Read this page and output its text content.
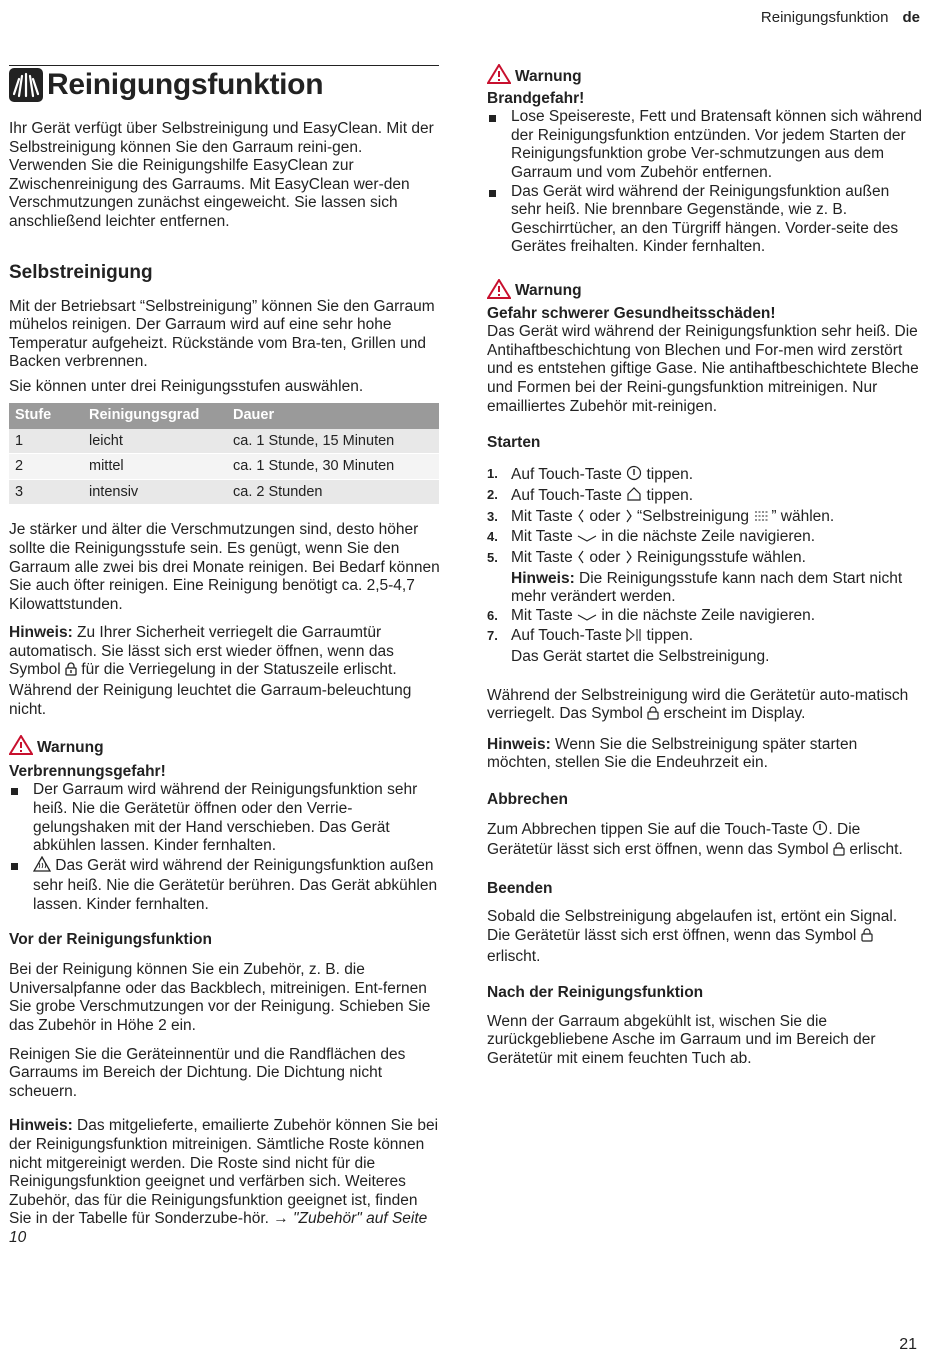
Reinigungsfunktion de
Reinigungsfunktion

Ihr Gerät verfügt über Selbstreinigung und EasyClean. Mit der Selbstreinigung können Sie den Garraum reini-gen. Verwenden Sie die Reinigungshilfe EasyClean zur Zwischenreinigung des Garraums. Mit EasyClean wer-den Verschmutzungen zunächst eingeweicht. Sie lassen sich anschließend leichter entfernen.

Selbstreinigung

Mit der Betriebsart “Selbstreinigung” können Sie den Garraum mühelos reinigen. Der Garraum wird auf eine sehr hohe Temperatur aufgeheizt. Rückstände vom Bra-ten, Grillen und Backen verbrennen.

Sie können unter drei Reinigungsstufen auswählen.

Stufe	Reinigungsgrad	Dauer
1	leicht	ca. 1 Stunde, 15 Minuten
2	mittel	ca. 1 Stunde, 30 Minuten
3	intensiv	ca. 2 Stunden

Je stärker und älter die Verschmutzungen sind, desto höher sollte die Reinigungsstufe sein. Es genügt, wenn Sie den Garraum alle zwei bis drei Monate reinigen. Bei Bedarf können Sie auch öfter reinigen. Eine Reinigung benötigt ca. 2,5-4,7 Kilowattstunden.

Hinweis: Zu Ihrer Sicherheit verriegelt die Garraumtür automatisch. Sie lässt sich erst wieder öffnen, wenn das Symbol  für die Verriegelung in der Statuszeile erlischt. Während der Reinigung leuchtet die Garraum-beleuchtung nicht.

Warnung

Verbrennungsgefahr!

Der Garraum wird während der Reinigungsfunktion sehr heiß. Nie die Gerätetür öffnen oder den Verrie-gelungshaken mit der Hand verschieben. Das Gerät abkühlen lassen. Kinder fernhalten.
Das Gerät wird während der Reinigungsfunktion außen sehr heiß. Nie die Gerätetür berühren. Das Gerät abkühlen lassen. Kinder fernhalten.
Vor der Reinigungsfunktion

Bei der Reinigung können Sie ein Zubehör, z. B. die Universalpfanne oder das Backblech, mitreinigen. Ent-fernen Sie grobe Verschmutzungen vor der Reinigung. Schieben Sie das Zubehör in Höhe 2 ein.

Reinigen Sie die Geräteinnentür und die Randflächen des Garraums im Bereich der Dichtung. Die Dichtung nicht scheuern.

Hinweis: Das mitgelieferte, emailierte Zubehör können Sie bei der Reinigungsfunktion mitreinigen. Sämtliche Roste können nicht mitgereinigt werden. Die Roste sind nicht für die Reinigungsfunktion geeignet und verfärben sich. Weiteres Zubehör, das für die Reinigungsfunktion geeignet ist, finden Sie in der Tabelle für Sonderzube-hör. → "Zubehör" auf Seite 10

Warnung

Brandgefahr!

Lose Speisereste, Fett und Bratensaft können sich während der Reinigungsfunktion entzünden. Vor jedem Starten der Reinigungsfunktion grobe Ver-schmutzungen aus dem Garraum und vom Zubehör entfernen.
Das Gerät wird während der Reinigungsfunktion außen sehr heiß. Nie brennbare Gegenstände, wie z. B. Geschirrtücher, an den Türgriff hängen. Vorder-seite des Gerätes freihalten. Kinder fernhalten.
Warnung

Gefahr schwerer Gesundheitsschäden!

Das Gerät wird während der Reinigungsfunktion sehr heiß. Die Antihaftbeschichtung von Blechen und For-men wird zerstört und es entstehen giftige Gase. Nie antihaftbeschichtete Bleche und Formen bei der Reini-gungsfunktion mitreinigen. Nur emailliertes Zubehör mit-reinigen.

Starten
1. Auf Touch-Taste  tippen.
2. Auf Touch-Taste  tippen.
3. Mit Taste  oder  “Selbstreinigung ” wählen.
4. Mit Taste  in die nächste Zeile navigieren.
5. Mit Taste  oder  Reinigungsstufe wählen.
Hinweis: Die Reinigungsstufe kann nach dem Start nicht mehr verändert werden.
6. Mit Taste  in die nächste Zeile navigieren.
7. Auf Touch-Taste  tippen.
Das Gerät startet die Selbstreinigung.

Während der Selbstreinigung wird die Gerätetür auto-matisch verriegelt. Das Symbol  erscheint im Display.

Hinweis: Wenn Sie die Selbstreinigung später starten möchten, stellen Sie die Endeuhrzeit ein.

Abbrechen

Zum Abbrechen tippen Sie auf die Touch-Taste . Die Gerätetür lässt sich erst öffnen, wenn das Symbol  erlischt.

Beenden

Sobald die Selbstreinigung abgelaufen ist, ertönt ein Signal. Die Gerätetür lässt sich erst öffnen, wenn das Symbol  erlischt.

Nach der Reinigungsfunktion

Wenn der Garraum abgekühlt ist, wischen Sie die zurückgebliebene Asche im Garraum und im Bereich der Gerätetür mit einem feuchten Tuch ab.

21
